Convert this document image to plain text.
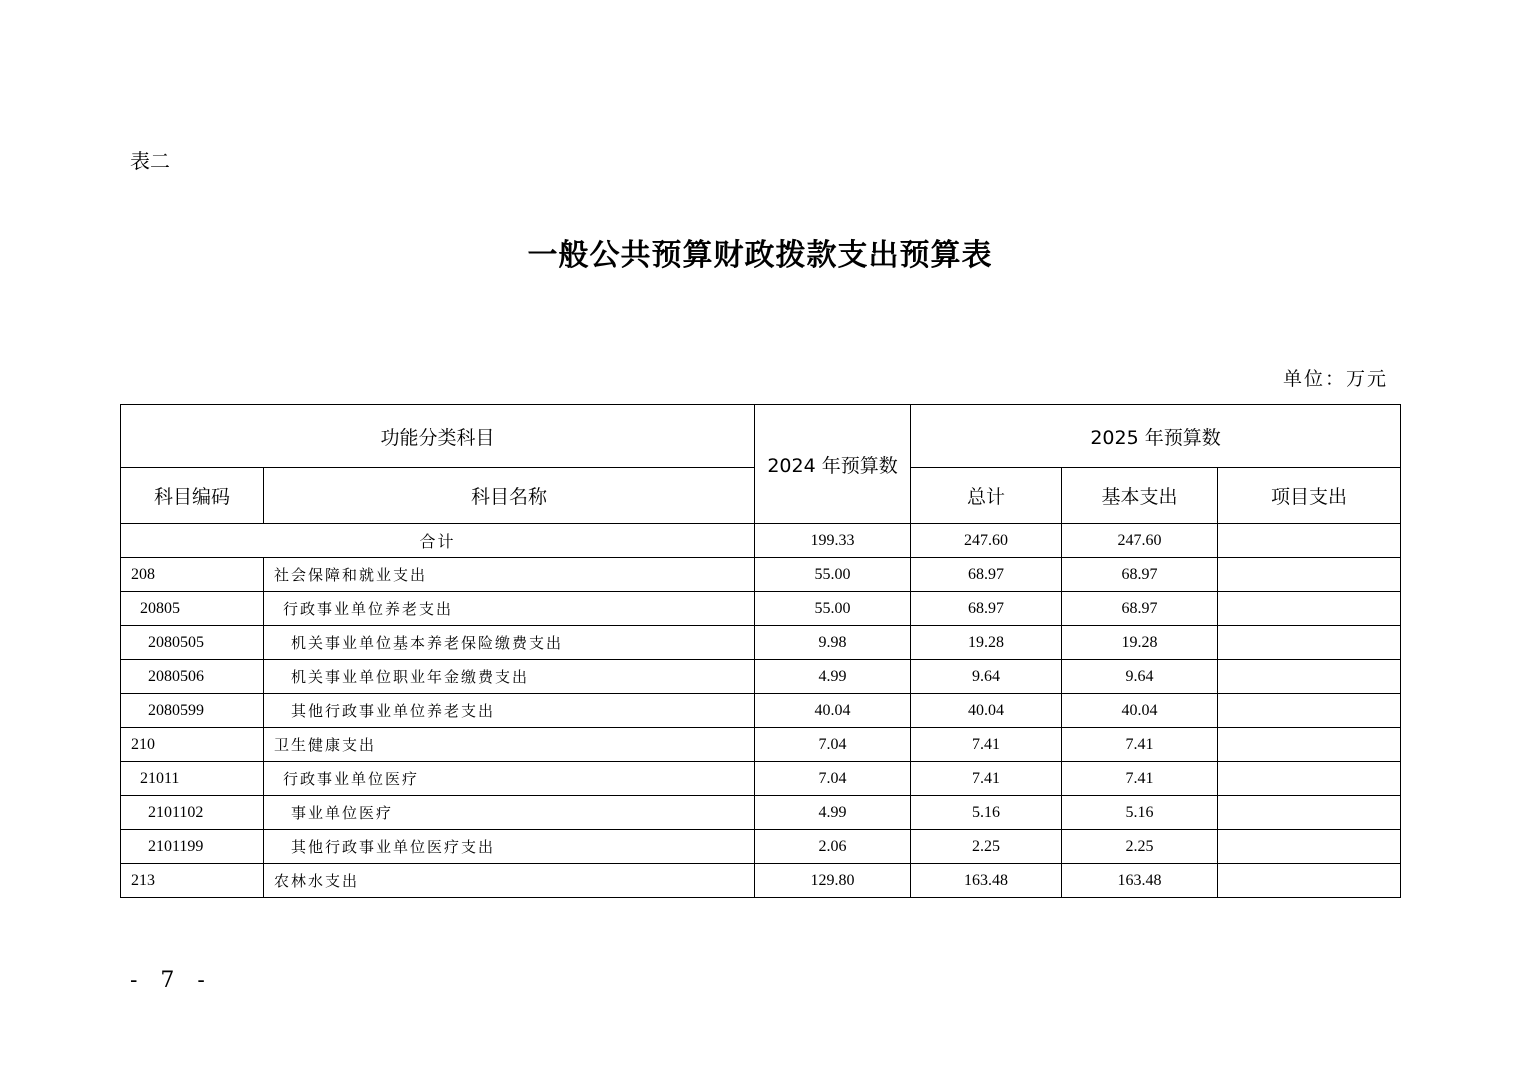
表二
一般公共预算财政拨款支出预算表
单位：万元
功能分类科目		2024 年预算数	2025 年预算数		
科目编码	科目名称		总计	基本支出	项目支出
合计		199.33	247.60	247.60	
208	社会保障和就业支出	55.00	68.97	68.97	
20805	行政事业单位养老支出	55.00	68.97	68.97	
2080505	机关事业单位基本养老保险缴费支出	9.98	19.28	19.28	
2080506	机关事业单位职业年金缴费支出	4.99	9.64	9.64	
2080599	其他行政事业单位养老支出	40.04	40.04	40.04	
210	卫生健康支出	7.04	7.41	7.41	
21011	行政事业单位医疗	7.04	7.41	7.41	
2101102	事业单位医疗	4.99	5.16	5.16	
2101199	其他行政事业单位医疗支出	2.06	2.25	2.25	
213	农林水支出	129.80	163.48	163.48	
- 7 -
